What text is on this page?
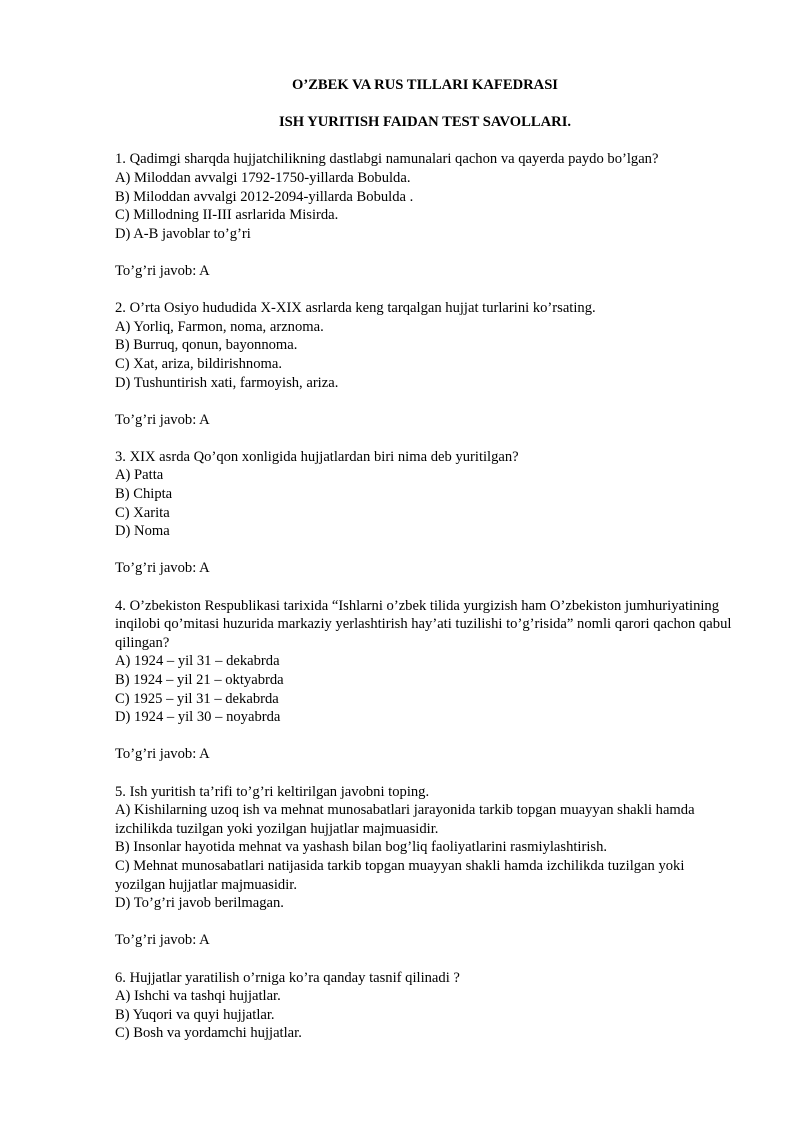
O’ZBEK VA RUS TILLARI KAFEDRASI
ISH YURITISH FAIDAN TEST SAVOLLARI.
1. Qadimgi sharqda hujjatchilikning dastlabgi namunalari qachon va qayerda paydo bo’lgan?
A) Miloddan avvalgi 1792-1750-yillarda Bobulda.
B) Miloddan avvalgi 2012-2094-yillarda Bobulda .
C) Millodning II-III asrlarida Misirda.
D) A-B javoblar to’g’ri
To’g’ri javob: A
2. O’rta Osiyo hududida X-XIX asrlarda keng tarqalgan hujjat turlarini ko’rsating.
A) Yorliq, Farmon, noma, arznoma.
B) Burruq, qonun, bayonnoma.
C) Xat, ariza, bildirishnoma.
D) Tushuntirish xati, farmoyish, ariza.
To’g’ri javob: A
3. XIX asrda Qo’qon xonligida hujjatlardan biri nima deb yuritilgan?
A) Patta
B) Chipta
C) Xarita
D) Noma
To’g’ri javob: A
4. O’zbekiston Respublikasi tarixida “Ishlarni o’zbek tilida yurgizish ham O’zbekiston jumhuriyatining inqilobi qo’mitasi huzurida markaziy yerlashtirish hay’ati tuzilishi to’g’risida” nomli qarori qachon qabul qilingan?
A) 1924 – yil 31 – dekabrda
B) 1924 – yil 21 – oktyabrda
C) 1925 – yil 31 – dekabrda
D) 1924 – yil 30 – noyabrda
To’g’ri javob: A
5. Ish yuritish ta’rifi to’g’ri keltirilgan javobni toping.
A) Kishilarning uzoq ish va mehnat munosabatlari jarayonida tarkib topgan muayyan shakli hamda izchilikda tuzilgan yoki yozilgan hujjatlar majmuasidir.
B) Insonlar hayotida mehnat va yashash bilan bog’liq faoliyatlarini rasmiylashtirish.
C) Mehnat munosabatlari natijasida tarkib topgan muayyan shakli hamda izchilikda tuzilgan yoki yozilgan hujjatlar majmuasidir.
D) To’g’ri javob berilmagan.
To’g’ri javob: A
6. Hujjatlar yaratilish o’rniga ko’ra qanday tasnif qilinadi ?
A) Ishchi va tashqi hujjatlar.
B) Yuqori va quyi hujjatlar.
C) Bosh va yordamchi hujjatlar.
